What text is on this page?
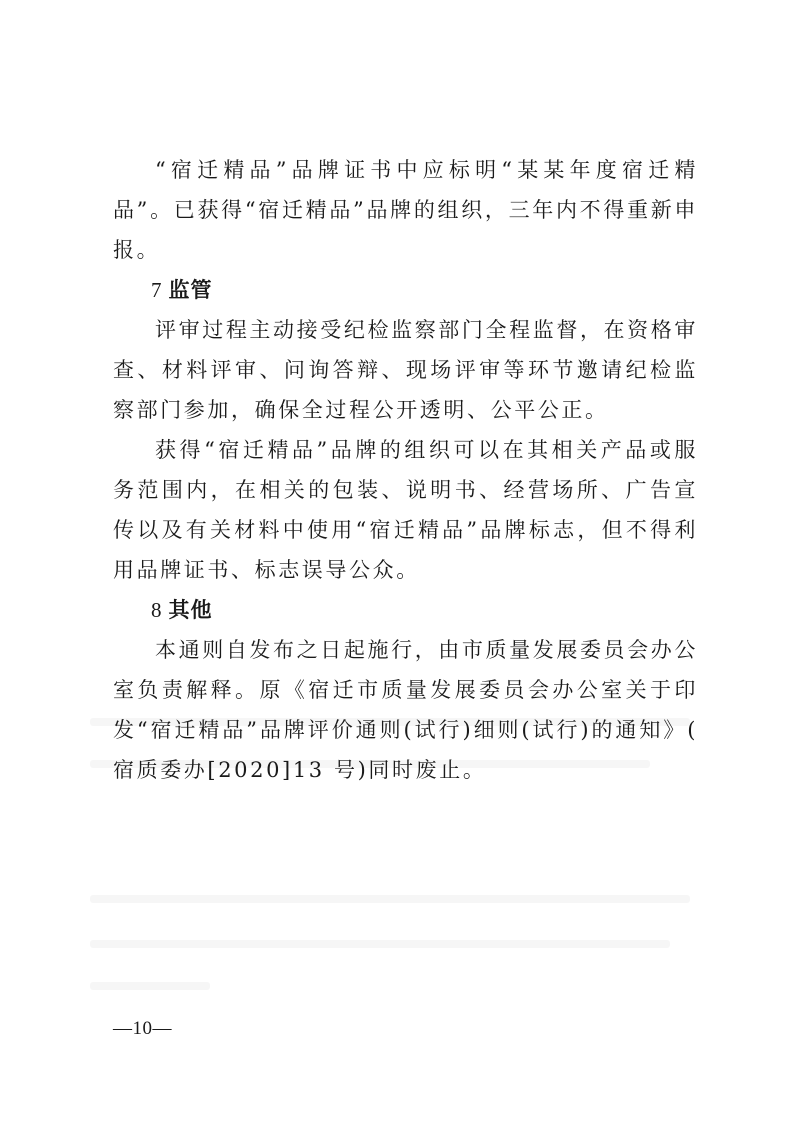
“宿迁精品”品牌证书中应标明“某某年度宿迁精品”。已获得“宿迁精品”品牌的组织，三年内不得重新申报。

7 监管

评审过程主动接受纪检监察部门全程监督，在资格审查、材料评审、问询答辩、现场评审等环节邀请纪检监察部门参加，确保全过程公开透明、公平公正。

获得“宿迁精品”品牌的组织可以在其相关产品或服务范围内，在相关的包装、说明书、经营场所、广告宣传以及有关材料中使用“宿迁精品”品牌标志，但不得利用品牌证书、标志误导公众。

8 其他

本通则自发布之日起施行，由市质量发展委员会办公室负责解释。原《宿迁市质量发展委员会办公室关于印发“宿迁精品”品牌评价通则(试行)细则(试行)的通知》( 宿质委办[2020]13 号)同时废止。

—10—
